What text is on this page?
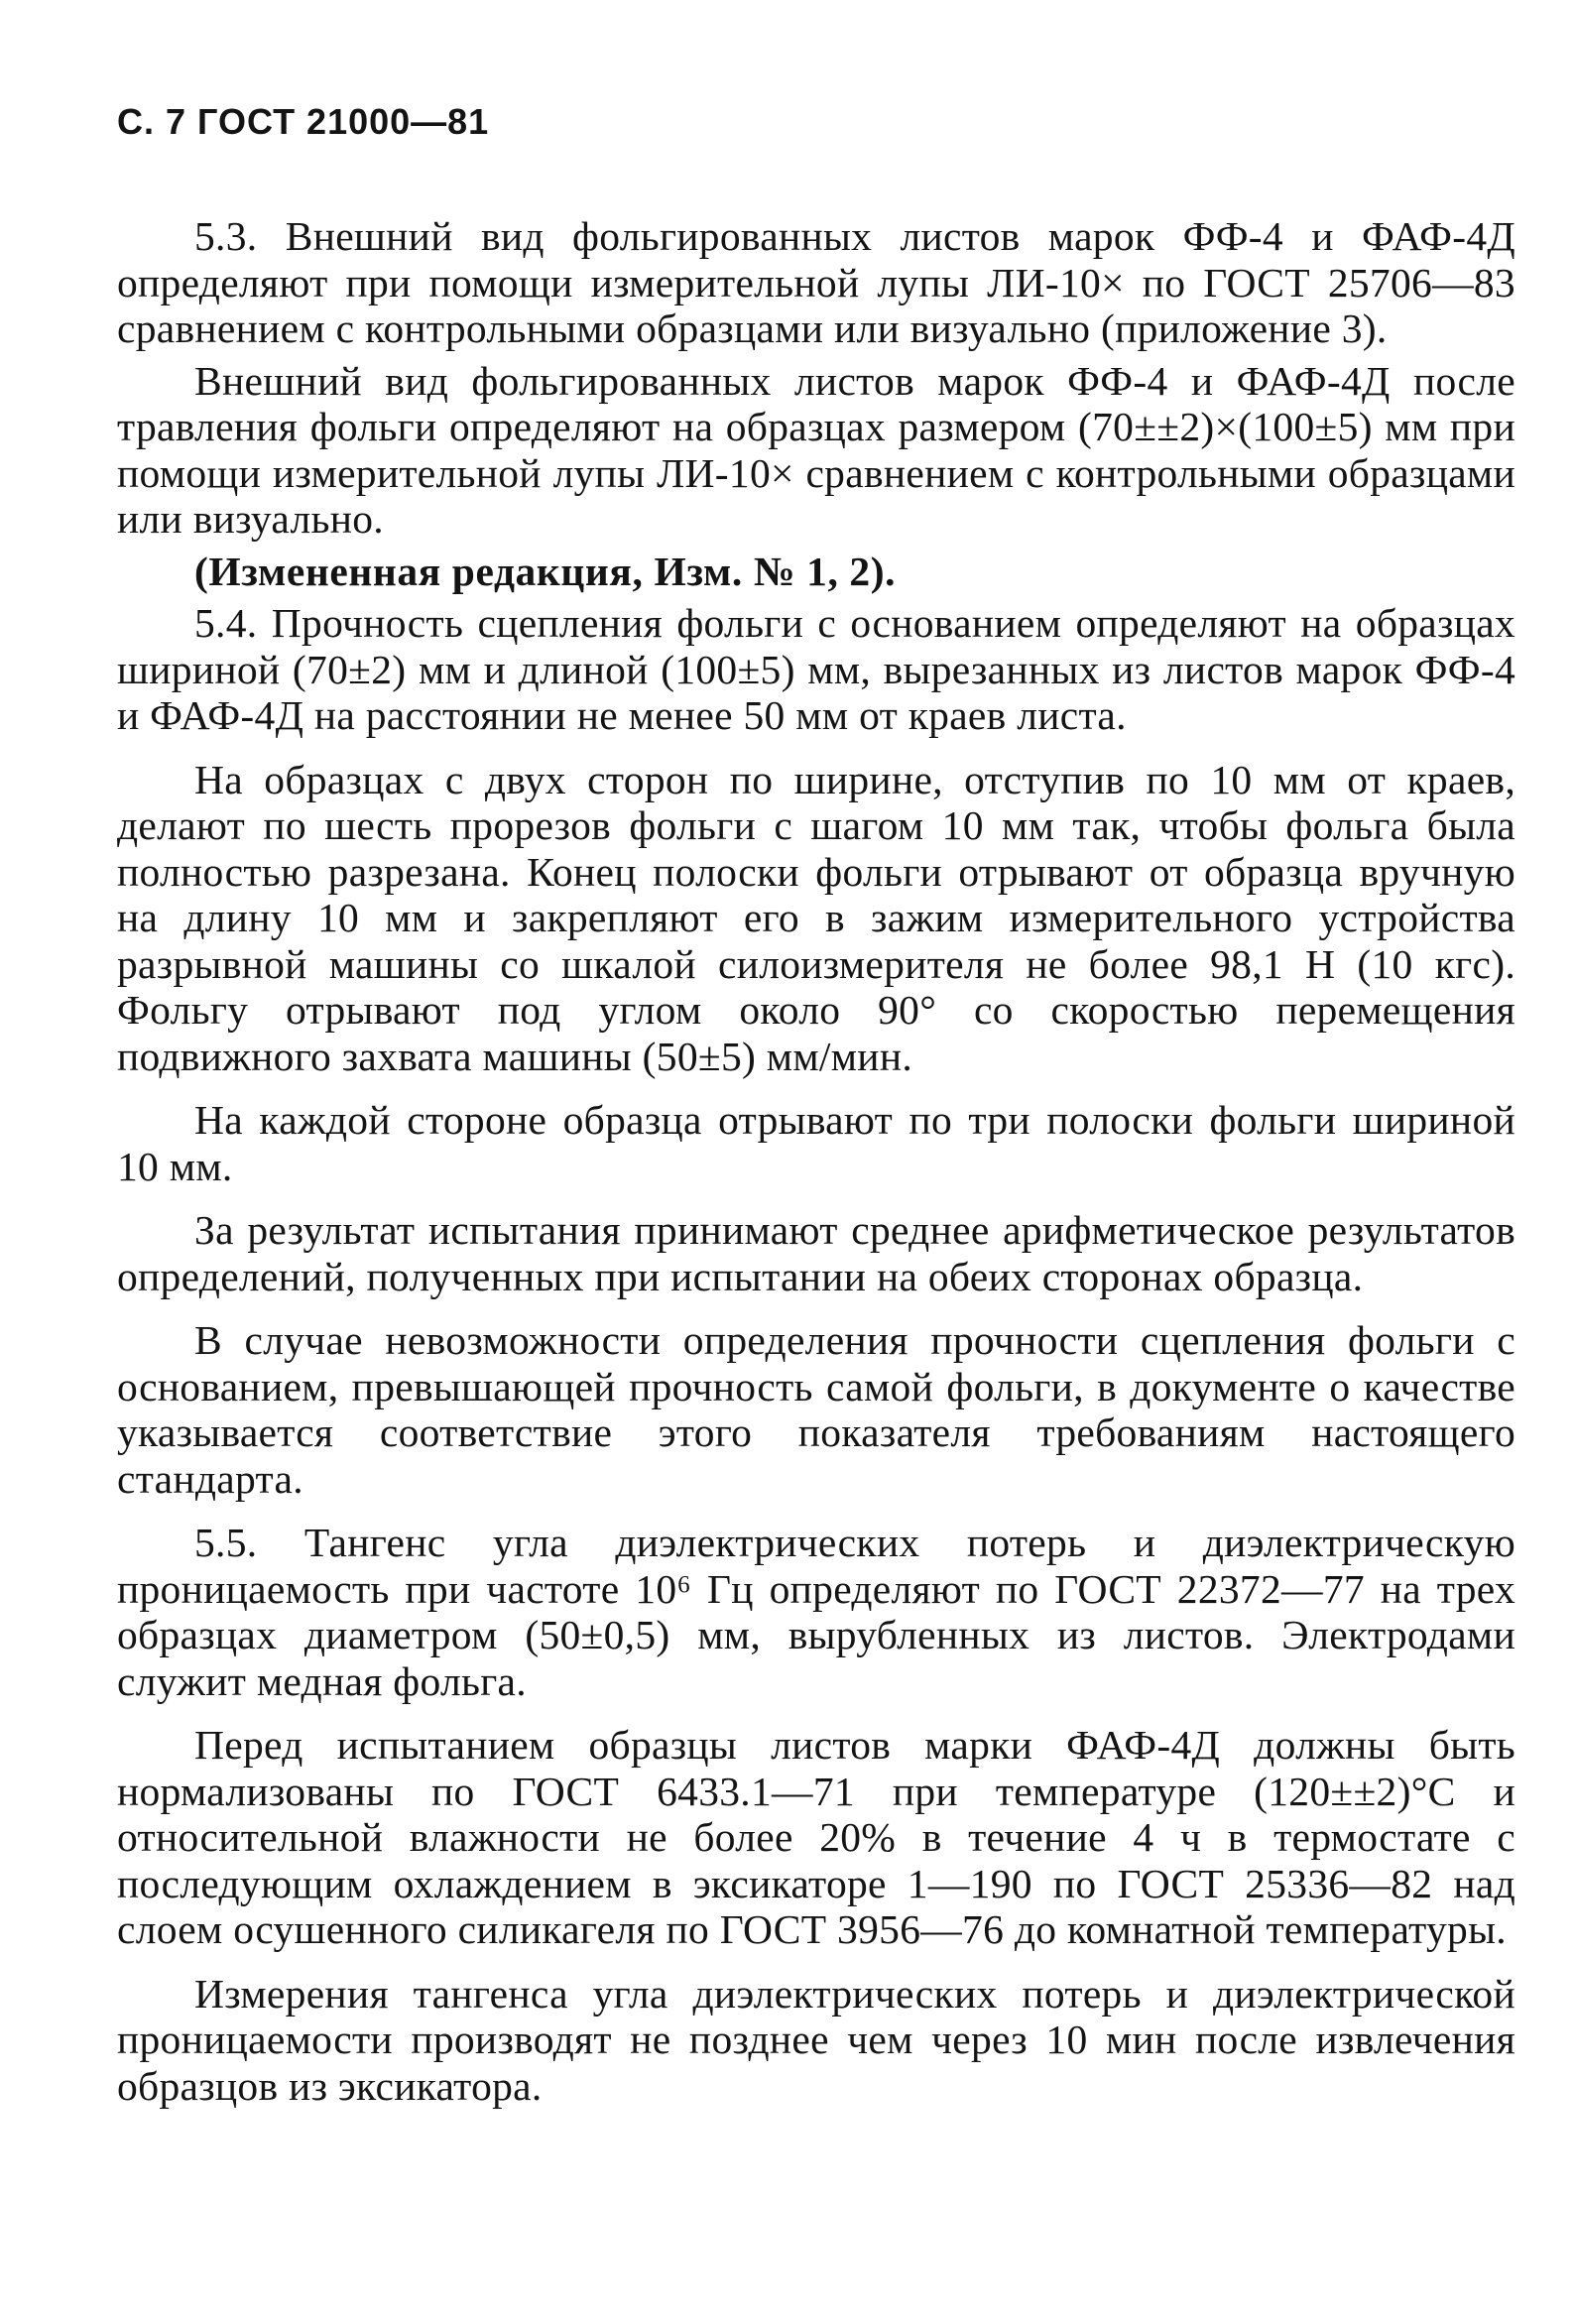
С. 7 ГОСТ 21000—81

5.3. Внешний вид фольгированных листов марок ФФ-4 и ФАФ-4Д определяют при помощи измерительной лупы ЛИ-10× по ГОСТ 25706—83 сравнением с контрольными образцами или визуально (приложение 3).

Внешний вид фольгированных листов марок ФФ-4 и ФАФ-4Д после травления фольги определяют на образцах размером (70±±2)×(100±5) мм при помощи измерительной лупы ЛИ-10× сравнением с контрольными образцами или визуально.

(Измененная редакция, Изм. № 1, 2).

5.4. Прочность сцепления фольги с основанием определяют на образцах шириной (70±2) мм и длиной (100±5) мм, вырезанных из листов марок ФФ-4 и ФАФ-4Д на расстоянии не менее 50 мм от краев листа.

На образцах с двух сторон по ширине, отступив по 10 мм от краев, делают по шесть прорезов фольги с шагом 10 мм так, чтобы фольга была полностью разрезана. Конец полоски фольги отрывают от образца вручную на длину 10 мм и закрепляют его в зажим измерительного устройства разрывной машины со шкалой силоизмерителя не более 98,1 Н (10 кгс). Фольгу отрывают под углом около 90° со скоростью перемещения подвижного захвата машины (50±5) мм/мин.

На каждой стороне образца отрывают по три полоски фольги шириной 10 мм.

За результат испытания принимают среднее арифметическое результатов определений, полученных при испытании на обеих сторонах образца.

В случае невозможности определения прочности сцепления фольги с основанием, превышающей прочность самой фольги, в документе о качестве указывается соответствие этого показателя требованиям настоящего стандарта.

5.5. Тангенс угла диэлектрических потерь и диэлектрическую проницаемость при частоте 10⁶ Гц определяют по ГОСТ 22372—77 на трех образцах диаметром (50±0,5) мм, вырубленных из листов. Электродами служит медная фольга.

Перед испытанием образцы листов марки ФАФ-4Д должны быть нормализованы по ГОСТ 6433.1—71 при температуре (120±±2)°С и относительной влажности не более 20% в течение 4 ч в термостате с последующим охлаждением в эксикаторе 1—190 по ГОСТ 25336—82 над слоем осушенного силикагеля по ГОСТ 3956—76 до комнатной температуры.

Измерения тангенса угла диэлектрических потерь и диэлектрической проницаемости производят не позднее чем через 10 мин после извлечения образцов из эксикатора.
